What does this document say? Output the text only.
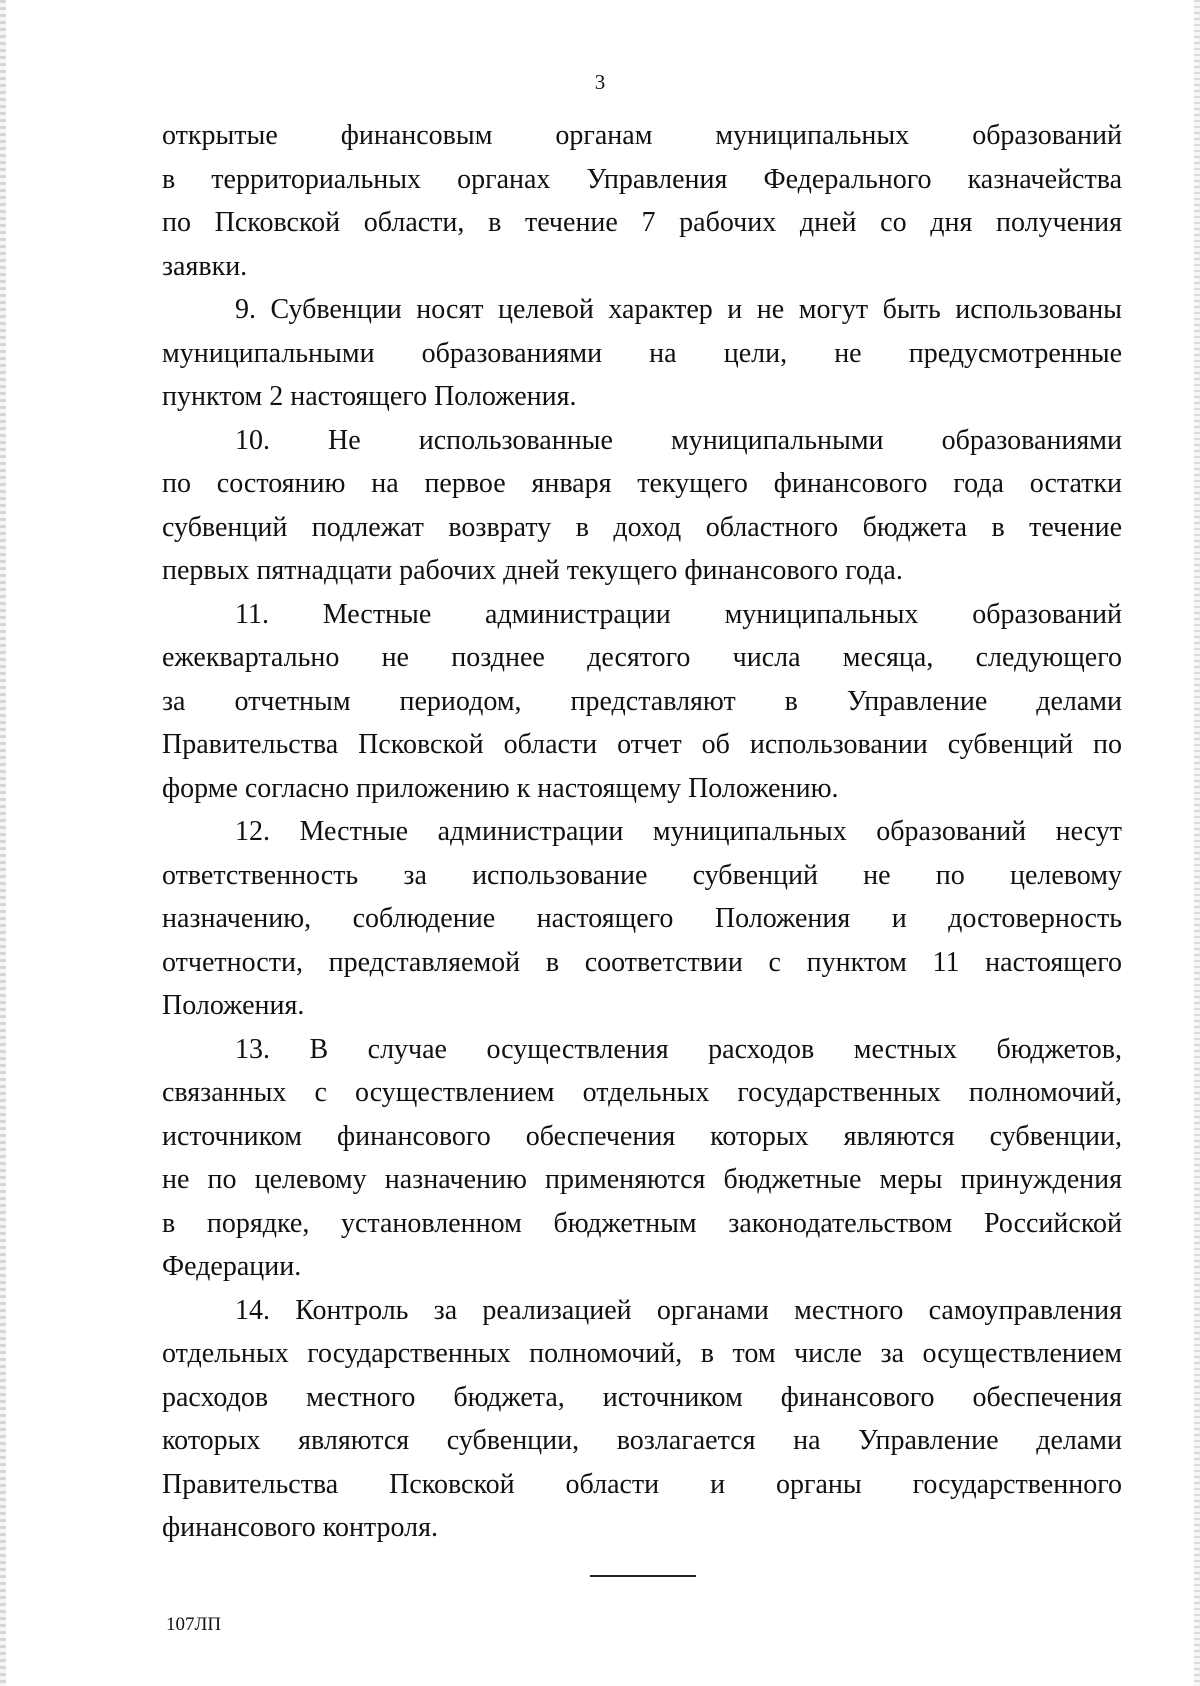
3

открытые финансовым органам муниципальных образований
в территориальных органах Управления Федерального казначейства
по Псковской области, в течение 7 рабочих дней со дня получения
заявки.

9. Субвенции носят целевой характер и не могут быть использованы
муниципальными образованиями на цели, не предусмотренные
пунктом 2 настоящего Положения.

10. Не использованные муниципальными образованиями
по состоянию на первое января текущего финансового года остатки
субвенций подлежат возврату в доход областного бюджета в течение
первых пятнадцати рабочих дней текущего финансового года.

11. Местные администрации муниципальных образований
ежеквартально не позднее десятого числа месяца, следующего
за отчетным периодом, представляют в Управление делами
Правительства Псковской области отчет об использовании субвенций по
форме согласно приложению к настоящему Положению.

12. Местные администрации муниципальных образований несут
ответственность за использование субвенций не по целевому
назначению, соблюдение настоящего Положения и достоверность
отчетности, представляемой в соответствии с пунктом 11 настоящего
Положения.

13. В случае осуществления расходов местных бюджетов,
связанных с осуществлением отдельных государственных полномочий,
источником финансового обеспечения которых являются субвенции,
не по целевому назначению применяются бюджетные меры принуждения
в порядке, установленном бюджетным законодательством Российской
Федерации.

14. Контроль за реализацией органами местного самоуправления
отдельных государственных полномочий, в том числе за осуществлением
расходов местного бюджета, источником финансового обеспечения
которых являются субвенции, возлагается на Управление делами
Правительства Псковской области и органы государственного
финансового контроля.

107ЛП
